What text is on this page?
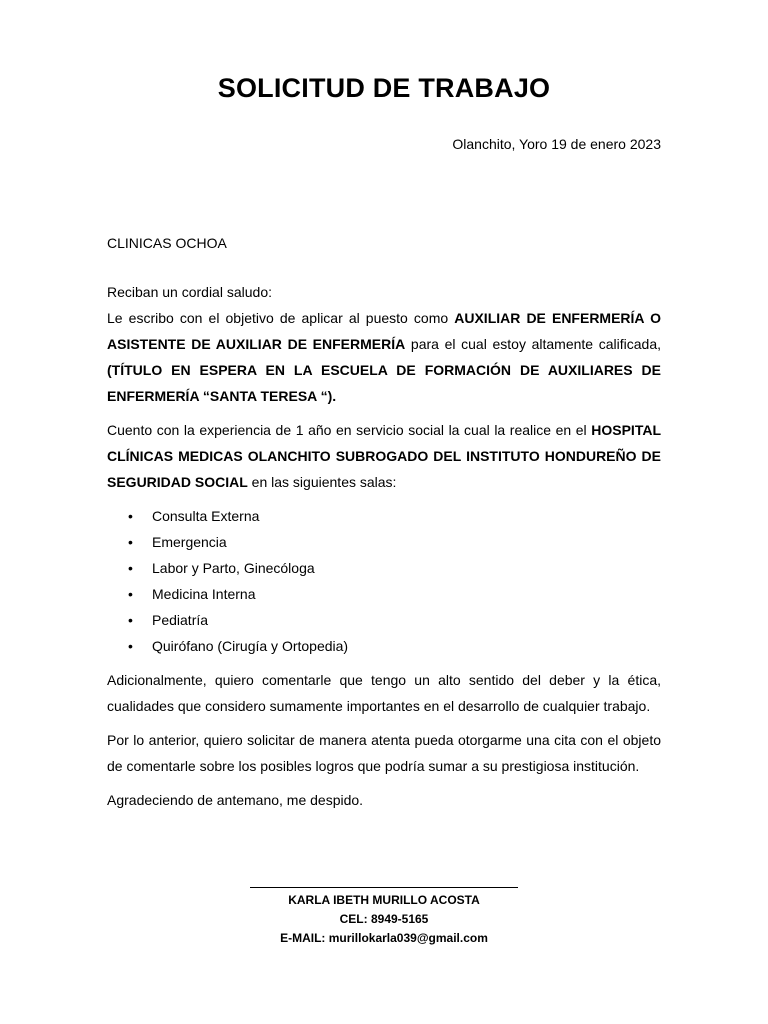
SOLICITUD DE TRABAJO
Olanchito, Yoro 19 de enero 2023
CLINICAS OCHOA

Reciban un cordial saludo:

Le escribo con el objetivo de aplicar al puesto como AUXILIAR DE ENFERMERÍA O ASISTENTE DE AUXILIAR DE ENFERMERÍA para el cual estoy altamente calificada, (TÍTULO EN ESPERA EN LA ESCUELA DE FORMACIÓN DE AUXILIARES DE ENFERMERÍA “SANTA TERESA “).

Cuento con la experiencia de 1 año en servicio social la cual la realice en el HOSPITAL CLÍNICAS MEDICAS OLANCHITO SUBROGADO DEL INSTITUTO HONDUREÑO DE SEGURIDAD SOCIAL en las siguientes salas:

• Consulta Externa
• Emergencia
• Labor y Parto, Ginecóloga
• Medicina Interna
• Pediatría
• Quirófano (Cirugía y Ortopedia)

Adicionalmente, quiero comentarle que tengo un alto sentido del deber y la ética, cualidades que considero sumamente importantes en el desarrollo de cualquier trabajo.

Por lo anterior, quiero solicitar de manera atenta pueda otorgarme una cita con el objeto de comentarle sobre los posibles logros que podría sumar a su prestigiosa institución.

Agradeciendo de antemano, me despido.

KARLA IBETH MURILLO ACOSTA
CEL: 8949-5165
E-MAIL: murillokarla039@gmail.com
